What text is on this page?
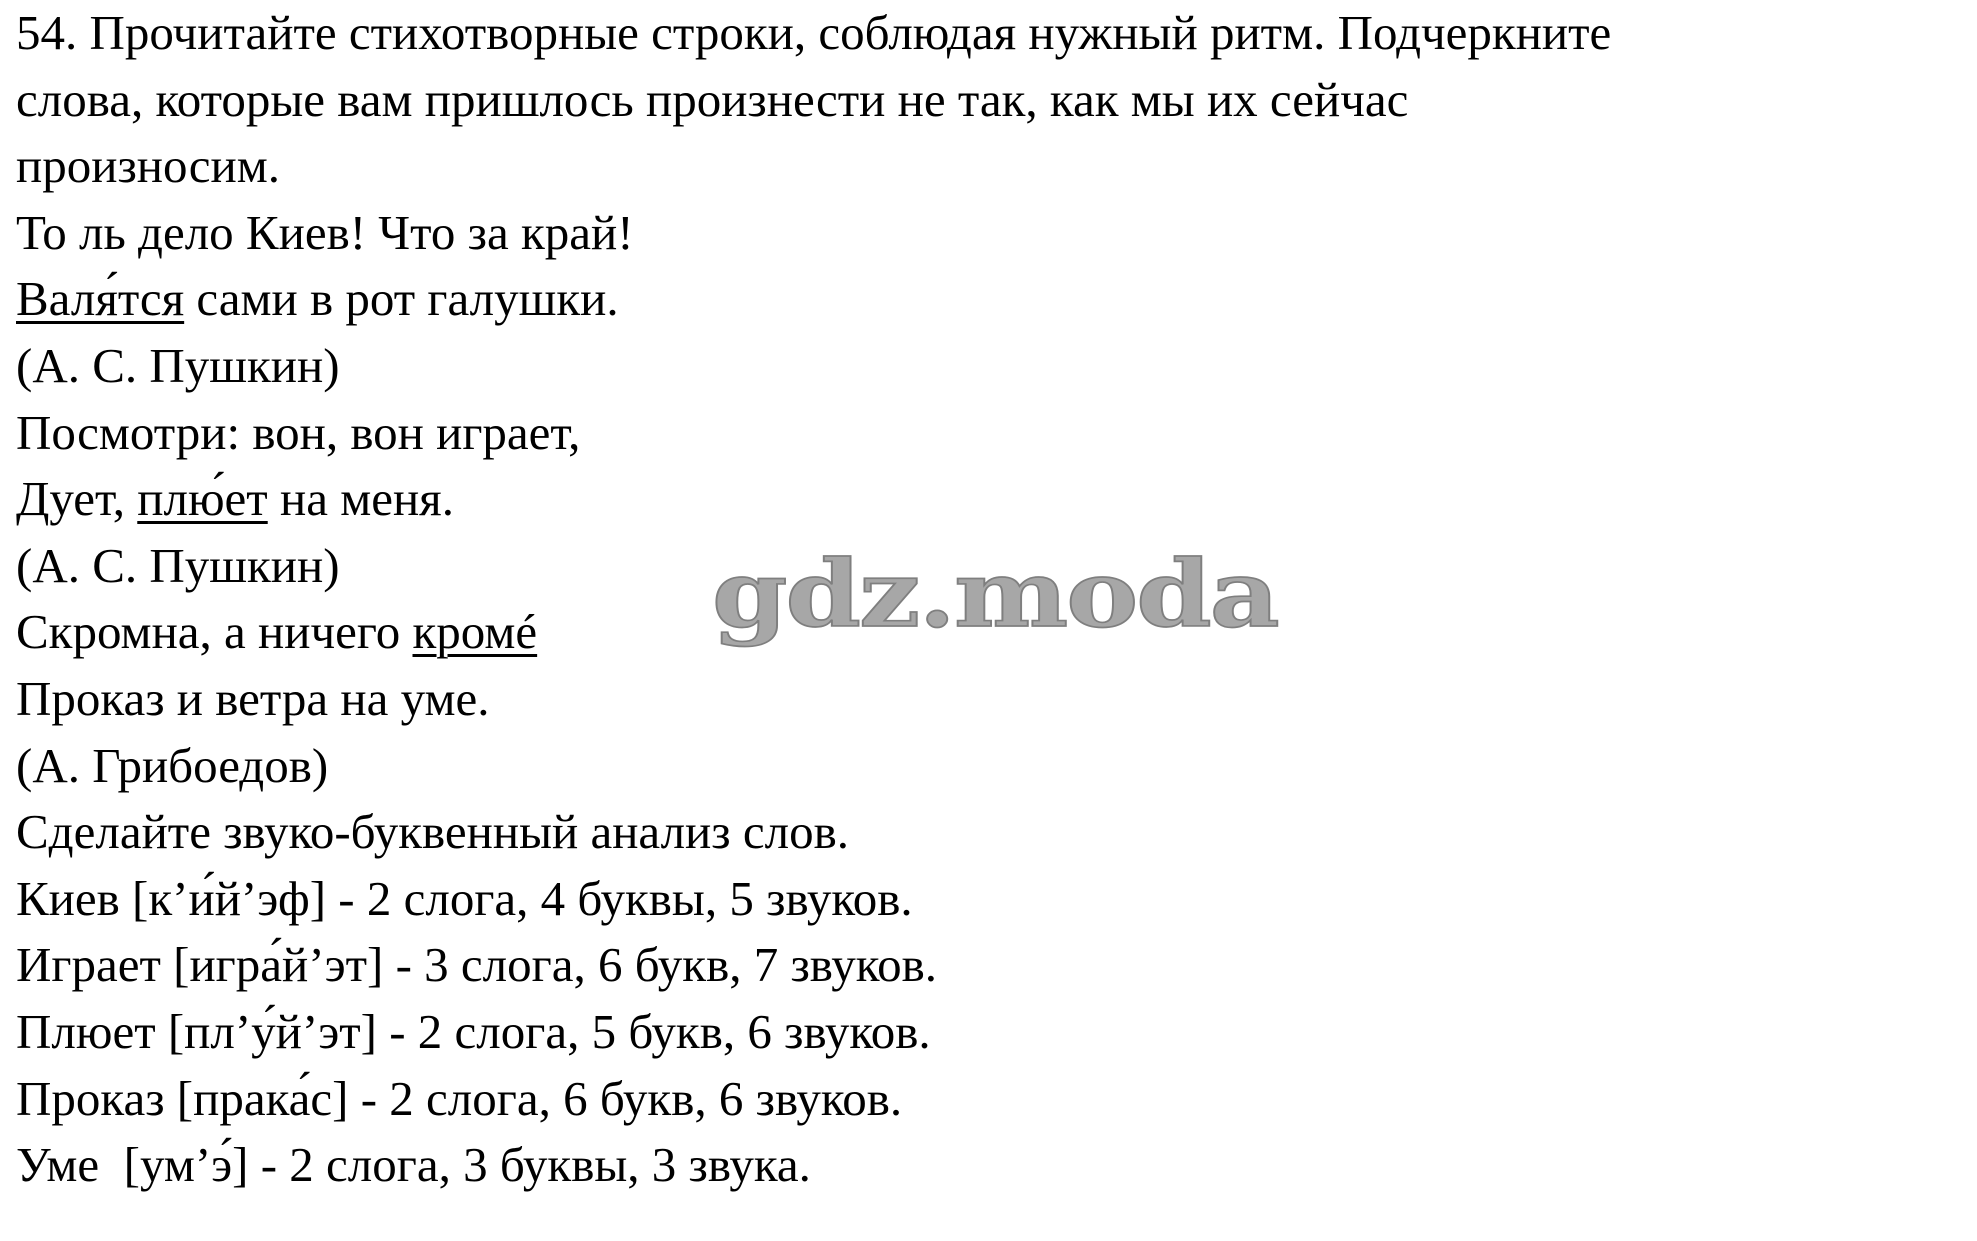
54. Прочитайте стихотворные строки, соблюдая нужный ритм. Подчеркните
слова, которые вам пришлось произнести не так, как мы их сейчас
произносим.
То ль дело Киев! Что за край!
Валя́тся сами в рот галушки.
(А. С. Пушкин)
Посмотри: вон, вон играет,
Дует, плю́ет на меня.
(А. С. Пушкин)
Скромна, а ничего кромé
Проказ и ветра на уме.
(А. Грибоедов)
Сделайте звуко-буквенный анализ слов.
Киев [к’и́й’эф] - 2 слога, 4 буквы, 5 звуков.
Играет [игра́й’эт] - 3 слога, 6 букв, 7 звуков.
Плюет [пл’у́й’эт] - 2 слога, 5 букв, 6 звуков.
Проказ [прака́с] - 2 слога, 6 букв, 6 звуков.
Уме  [ум’э́] - 2 слога, 3 буквы, 3 звука.
gdz.moda
